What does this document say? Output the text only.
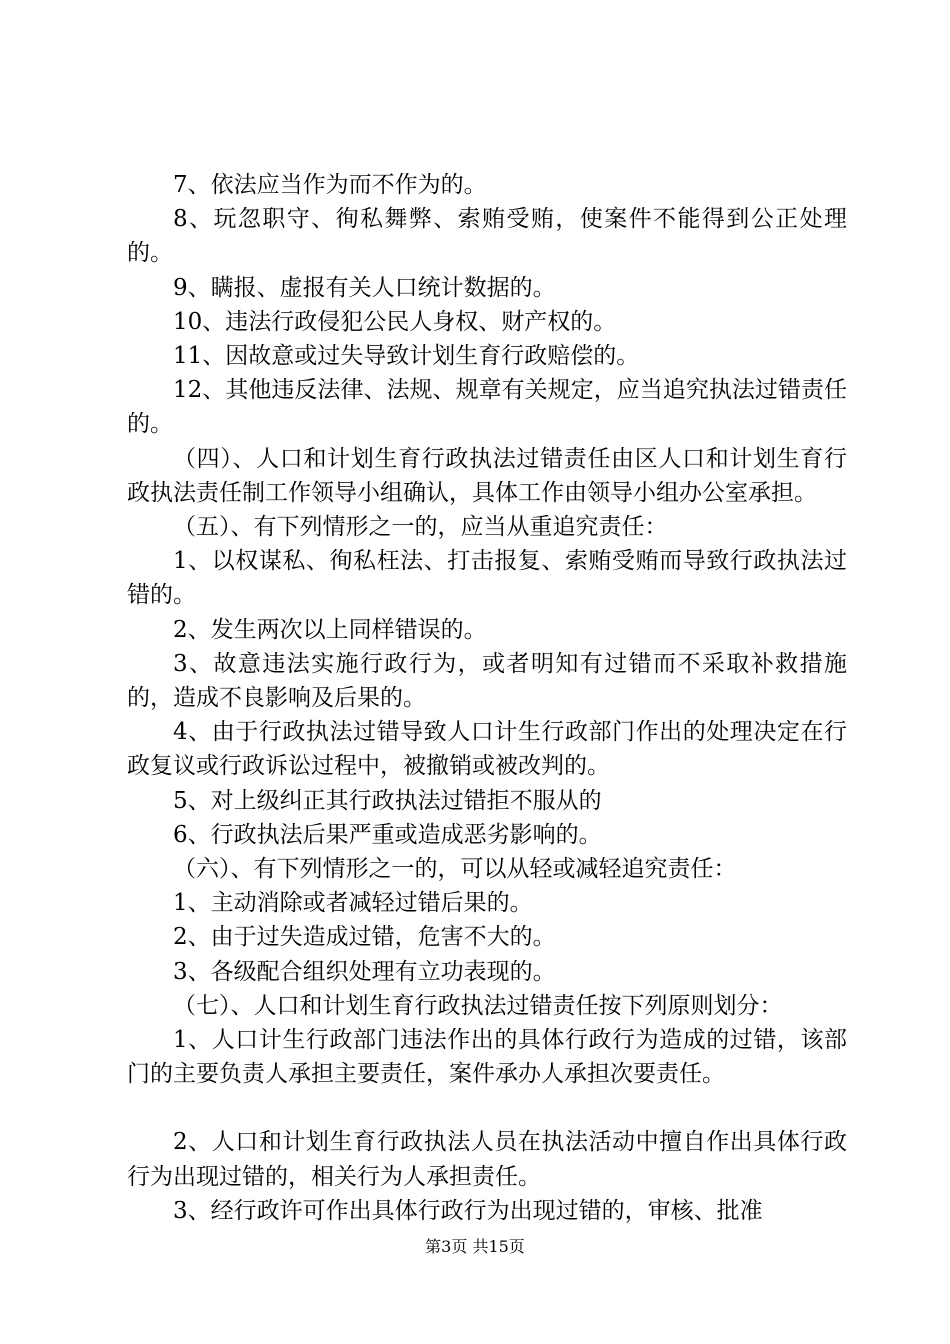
7、依法应当作为而不作为的。

8、玩忽职守、徇私舞弊、索贿受贿，使案件不能得到公正处理的。

9、瞒报、虚报有关人口统计数据的。

10、违法行政侵犯公民人身权、财产权的。

11、因故意或过失导致计划生育行政赔偿的。

12、其他违反法律、法规、规章有关规定，应当追究执法过错责任的。

（四）、人口和计划生育行政执法过错责任由区人口和计划生育行政执法责任制工作领导小组确认，具体工作由领导小组办公室承担。

（五）、有下列情形之一的，应当从重追究责任：

1、以权谋私、徇私枉法、打击报复、索贿受贿而导致行政执法过错的。

2、发生两次以上同样错误的。

3、故意违法实施行政行为，或者明知有过错而不采取补救措施的，造成不良影响及后果的。

4、由于行政执法过错导致人口计生行政部门作出的处理决定在行政复议或行政诉讼过程中，被撤销或被改判的。

5、对上级纠正其行政执法过错拒不服从的

6、行政执法后果严重或造成恶劣影响的。

（六）、有下列情形之一的，可以从轻或减轻追究责任：

1、主动消除或者减轻过错后果的。

2、由于过失造成过错，危害不大的。

3、各级配合组织处理有立功表现的。

（七）、人口和计划生育行政执法过错责任按下列原则划分：

1、人口计生行政部门违法作出的具体行政行为造成的过错，该部门的主要负责人承担主要责任，案件承办人承担次要责任。

2、人口和计划生育行政执法人员在执法活动中擅自作出具体行政行为出现过错的，相关行为人承担责任。

3、经行政许可作出具体行政行为出现过错的，审核、批准

第3页 共15页
